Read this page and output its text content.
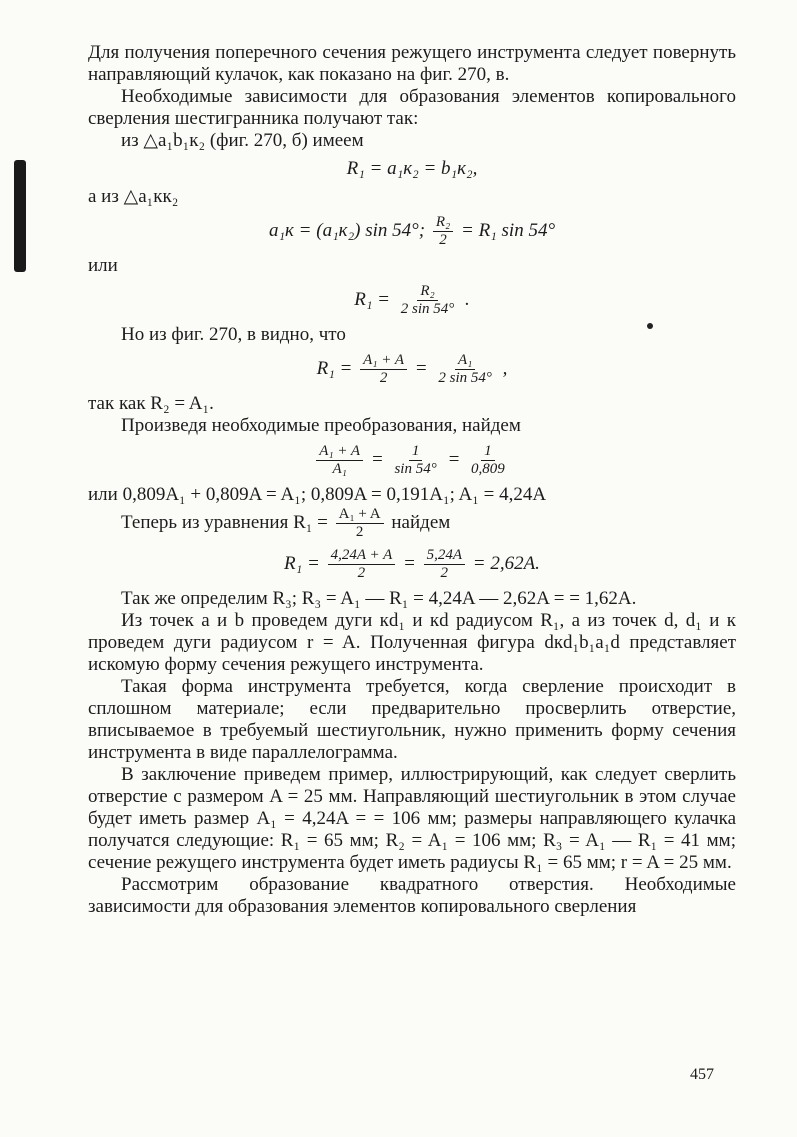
Для получения поперечного сечения режущего инструмента следует повернуть направляющий кулачок, как показано на фиг. 270, в.

Необходимые зависимости для образования элементов копировального сверления шестигранника получают так:

из △a₁b₁к₂ (фиг. 270, б) имеем
R₁ = a₁к₂ = b₁к₂,
а из △a₁кк₂
a₁к = (a₁к₂) sin 54°; $\frac{\text{R₂}}{2} = R_1$ sin 54°
или
$R_1 = \frac{\text{R₂}}{2 \sin 54^\circ}$ .
Но из фиг. 270, в видно, что
$R_1 = \frac{\text{A₁ + A}}{2} = \frac{\text{A₁}}{2 \sin 54^\circ}$ ,
так как R₂ = A₁.
Произведя необходимые преобразования, найдем
$\frac{\text{A₁ + A}}{\text{A₁}} = \frac{1}{\sin 54^\circ} = \frac{1}{0,809}$
или 0,809A₁ + 0,809A = A₁; 0,809A = 0,191A₁; A₁ = 4,24A
Теперь из уравнения $R_1 = \frac{\text{A₁ + A}}{2}$ найдем
$R_1 = \frac{4,24A + A}{2} = \frac{5,24A}{2} = 2,62A$.

Так же определим R₃; R₃ = A₁ — R₁ = 4,24A — 2,62A = = 1,62A.

Из точек a и b проведем дуги кd₁ и кd радиусом R₁, а из точек d, d₁ и к проведем дуги радиусом r = A. Полученная фигура dкd₁b₁a₁d представляет искомую форму сечения режущего инструмента.

Такая форма инструмента требуется, когда сверление происходит в сплошном материале; если предварительно просверлить отверстие, вписываемое в требуемый шестиугольник, нужно применить форму сечения инструмента в виде параллелограмма.

В заключение приведем пример, иллюстрирующий, как следует сверлить отверстие с размером A = 25 мм. Направляющий шестиугольник в этом случае будет иметь размер A₁ = 4,24A = = 106 мм; размеры направляющего кулачка получатся следующие: R₁ = 65 мм; R₂ = A₁ = 106 мм; R₃ = A₁ — R₁ = 41 мм; сечение режущего инструмента будет иметь радиусы R₁ = 65 мм; r = A = 25 мм.

Рассмотрим образование квадратного отверстия. Необходимые зависимости для образования элементов копировального сверления

457
